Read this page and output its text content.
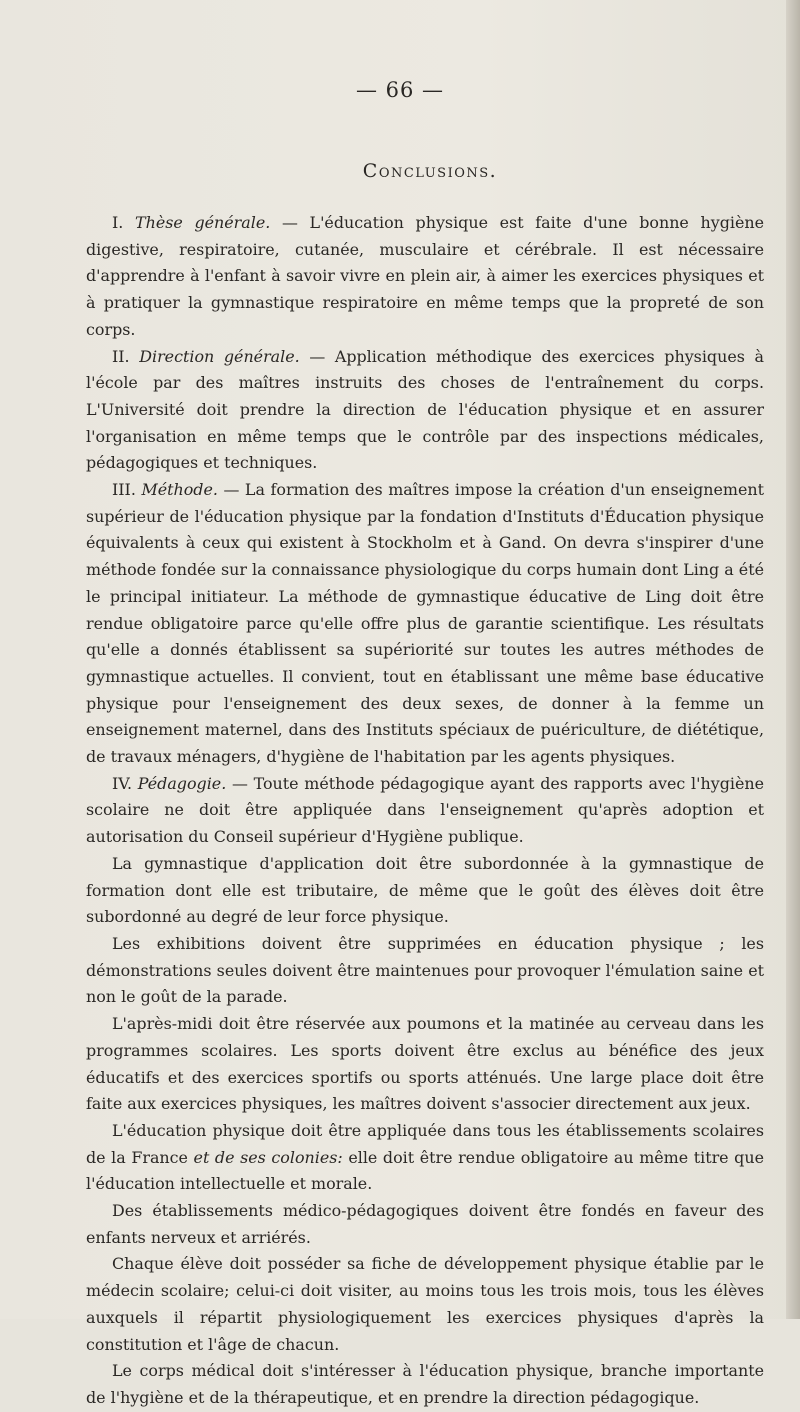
— 66 —
Conclusions.

I. Thèse générale. — L'éducation physique est faite d'une bonne hygiène digestive, respiratoire, cutanée, musculaire et cérébrale. Il est nécessaire d'apprendre à l'enfant à savoir vivre en plein air, à aimer les exercices physiques et à pratiquer la gymnastique respiratoire en même temps que la propreté de son corps.

II. Direction générale. — Application méthodique des exercices physiques à l'école par des maîtres instruits des choses de l'entraînement du corps. L'Université doit prendre la direction de l'éducation physique et en assurer l'organisation en même temps que le contrôle par des inspections médicales, pédagogiques et techniques.

III. Méthode. — La formation des maîtres impose la création d'un enseignement supérieur de l'éducation physique par la fondation d'Instituts d'Éducation physique équivalents à ceux qui existent à Stockholm et à Gand. On devra s'inspirer d'une méthode fondée sur la connaissance physiologique du corps humain dont Ling a été le principal initiateur. La méthode de gymnastique éducative de Ling doit être rendue obligatoire parce qu'elle offre plus de garantie scientifique. Les résultats qu'elle a donnés établissent sa supériorité sur toutes les autres méthodes de gymnastique actuelles. Il convient, tout en établissant une même base éducative physique pour l'enseignement des deux sexes, de donner à la femme un enseignement maternel, dans des Instituts spéciaux de puériculture, de diététique, de travaux ménagers, d'hygiène de l'habitation par les agents physiques.

IV. Pédagogie. — Toute méthode pédagogique ayant des rapports avec l'hygiène scolaire ne doit être appliquée dans l'enseignement qu'après adoption et autorisation du Conseil supérieur d'Hygiène publique.

La gymnastique d'application doit être subordonnée à la gymnastique de formation dont elle est tributaire, de même que le goût des élèves doit être subordonné au degré de leur force physique.

Les exhibitions doivent être supprimées en éducation physique ; les démonstrations seules doivent être maintenues pour provoquer l'émulation saine et non le goût de la parade.

L'après-midi doit être réservée aux poumons et la matinée au cerveau dans les programmes scolaires. Les sports doivent être exclus au bénéfice des jeux éducatifs et des exercices sportifs ou sports atténués. Une large place doit être faite aux exercices physiques, les maîtres doivent s'associer directement aux jeux.

L'éducation physique doit être appliquée dans tous les établissements scolaires de la France et de ses colonies: elle doit être rendue obligatoire au même titre que l'éducation intellectuelle et morale.

Des établissements médico-pédagogiques doivent être fondés en faveur des enfants nerveux et arriérés.

Chaque élève doit posséder sa fiche de développement physique établie par le médecin scolaire; celui-ci doit visiter, au moins tous les trois mois, tous les élèves auxquels il répartit physiologiquement les exercices physiques d'après la constitution et l'âge de chacun.

Le corps médical doit s'intéresser à l'éducation physique, branche importante de l'hygiène et de la thérapeutique, et en prendre la direction pédagogique.
